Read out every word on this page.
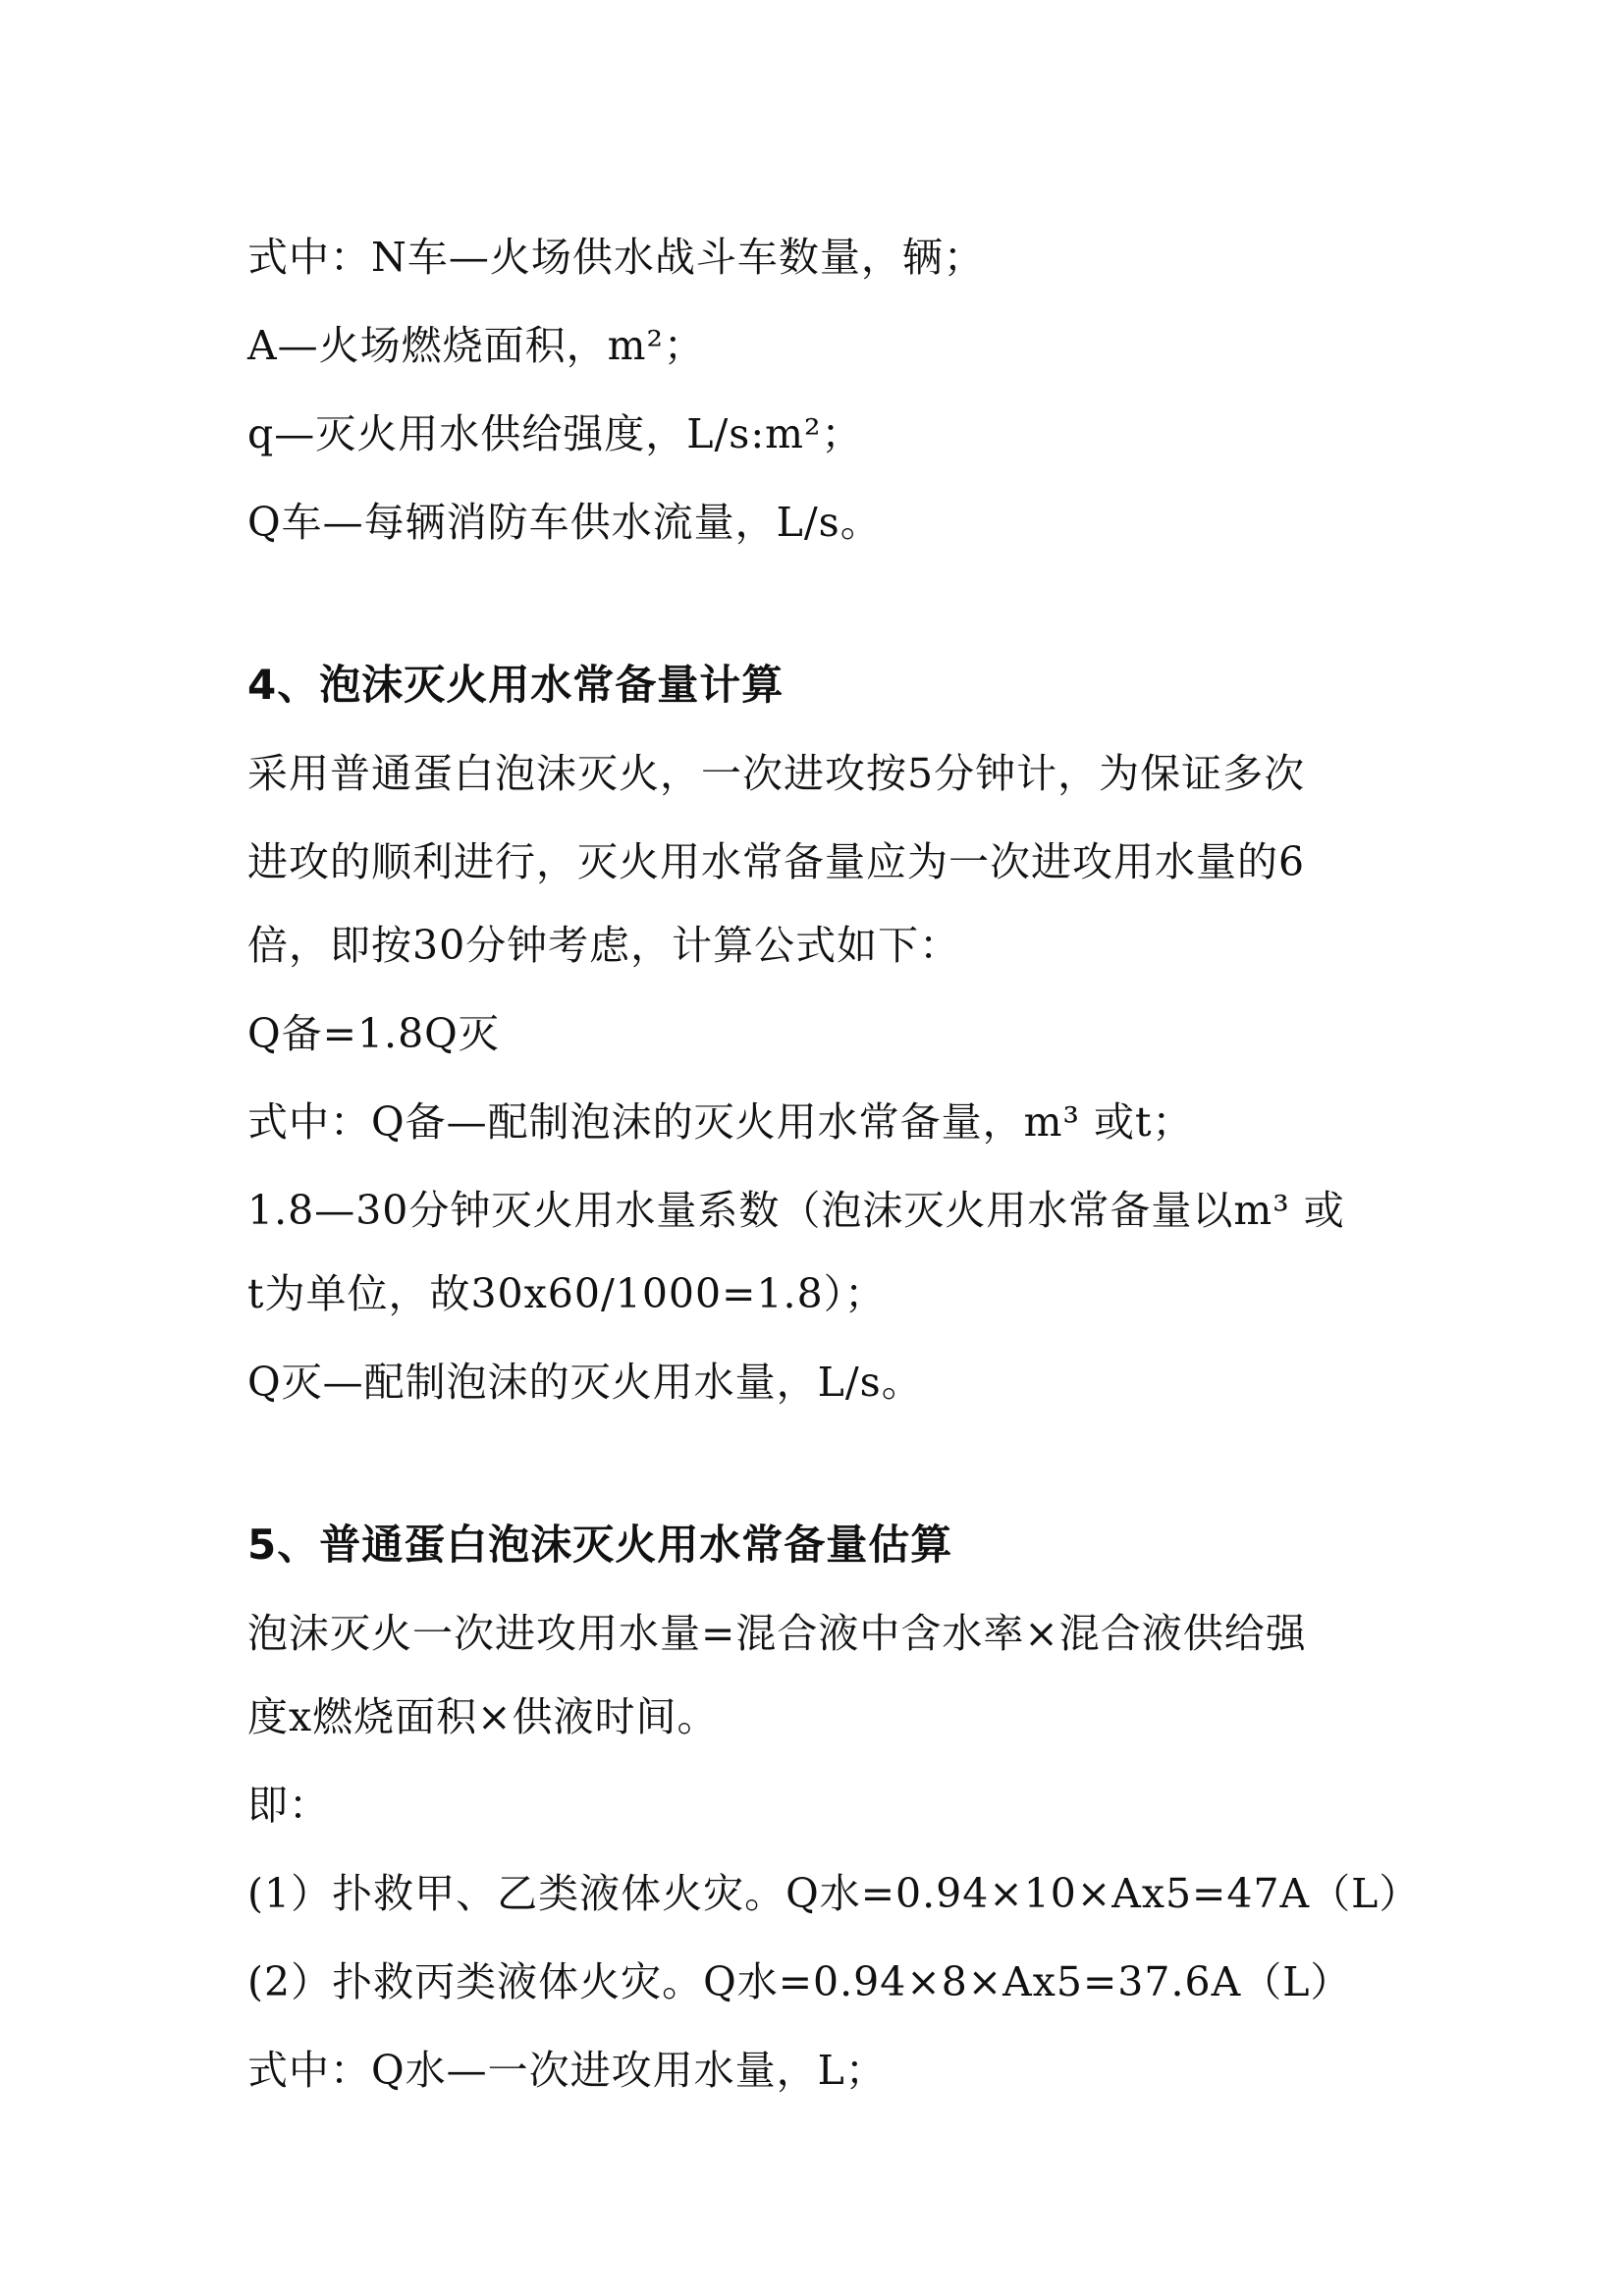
式中：N车—火场供水战斗车数量，辆；
A—火场燃烧面积，m²；
q—灭火用水供给强度，L/s:m²；
Q车—每辆消防车供水流量，L/s。
4、泡沫灭火用水常备量计算
采用普通蛋白泡沫灭火，一次进攻按5分钟计，为保证多次
进攻的顺利进行，灭火用水常备量应为一次进攻用水量的6
倍，即按30分钟考虑，计算公式如下：
Q备=1.8Q灭
式中：Q备—配制泡沫的灭火用水常备量，m³ 或t；
1.8—30分钟灭火用水量系数（泡沫灭火用水常备量以m³ 或
t为单位，故30x60/1000=1.8）；
Q灭—配制泡沫的灭火用水量，L/s。
5、普通蛋白泡沫灭火用水常备量估算
泡沫灭火一次进攻用水量=混合液中含水率×混合液供给强
度x燃烧面积×供液时间。
即：
(1）扑救甲、乙类液体火灾。Q水=0.94×10×Ax5=47A（L）
(2）扑救丙类液体火灾。Q水=0.94×8×Ax5=37.6A（L）
式中：Q水—一次进攻用水量，L；
